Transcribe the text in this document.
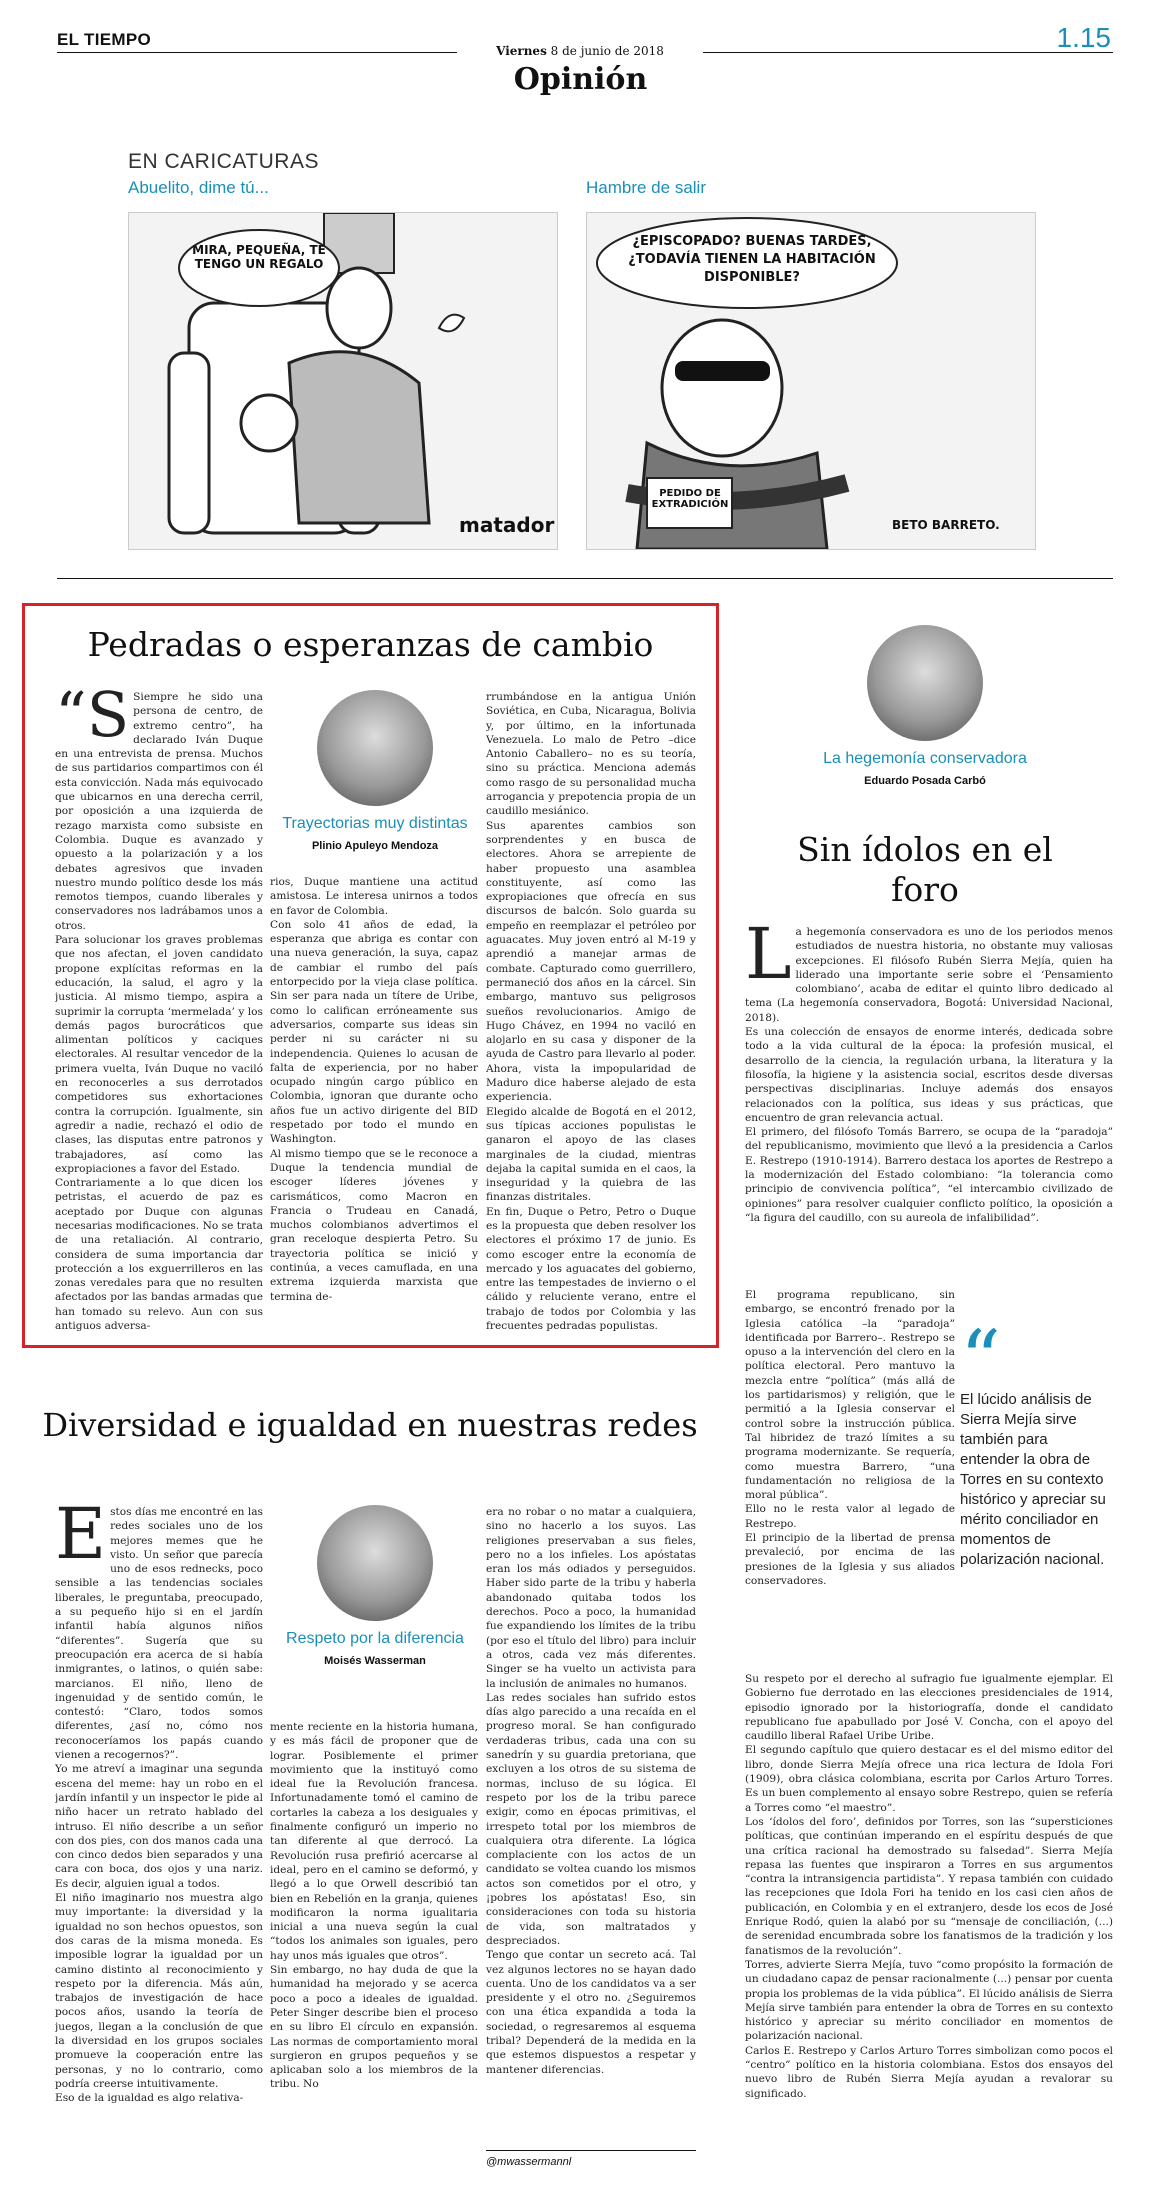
EL TIEMPO
Viernes 8 de junio de 2018	1.15
Opinión
EN CARICATURAS
Abuelito, dime tú...	Hambre de salir
MIRA, PEQUEÑA, TE TENGO UN REGALO
matador
¿EPISCOPADO? BUENAS TARDES, ¿TODAVÍA TIENEN LA HABITACIÓN DISPONIBLE?
PEDIDO DE EXTRADICIÓN
BETO BARRETO.
Pedradas o esperanzas de cambio
“S Siempre he sido una persona de centro, de extremo centro”, ha declarado Iván Duque en una entrevista de prensa. Muchos de sus partidarios compartimos con él esta convicción. Nada más equivocado que ubicarnos en una derecha cerril, por oposición a una izquierda de rezago marxista como subsiste en Colombia. Duque es avanzado y opuesto a la polarización y a los debates agresivos que invaden nuestro mundo político desde los más remotos tiempos, cuando liberales y conservadores nos ladrábamos unos a otros.
Para solucionar los graves problemas que nos afectan, el joven candidato propone explícitas reformas en la educación, la salud, el agro y la justicia. Al mismo tiempo, aspira a suprimir la corrupta ‘mermelada’ y los demás pagos burocráticos que alimentan políticos y caciques electorales. Al resultar vencedor de la primera vuelta, Iván Duque no vaciló en reconocerles a sus derrotados competidores sus exhortaciones contra la corrupción. Igualmente, sin agredir a nadie, rechazó el odio de clases, las disputas entre patronos y trabajadores, así como las expropiaciones a favor del Estado.
Contrariamente a lo que dicen los petristas, el acuerdo de paz es aceptado por Duque con algunas necesarias modificaciones. No se trata de una retaliación. Al contrario, considera de suma importancia dar protección a los exguerrilleros en las zonas veredales para que no resulten afectados por las bandas armadas que han tomado su relevo. Aun con sus antiguos adversa-

Trayectorias muy distintas
Plinio Apuleyo Mendoza

rios, Duque mantiene una actitud amistosa. Le interesa unirnos a todos en favor de Colombia.
Con solo 41 años de edad, la esperanza que abriga es contar con una nueva generación, la suya, capaz de cambiar el rumbo del país entorpecido por la vieja clase política. Sin ser para nada un títere de Uribe, como lo califican erróneamente sus adversarios, comparte sus ideas sin perder ni su carácter ni su independencia. Quienes lo acusan de falta de experiencia, por no haber ocupado ningún cargo público en Colombia, ignoran que durante ocho años fue un activo dirigente del BID respetado por todo el mundo en Washington.
Al mismo tiempo que se le reconoce a Duque la tendencia mundial de escoger líderes jóvenes y carismáticos, como Macron en Francia o Trudeau en Canadá, muchos colombianos advertimos el gran receloque despierta Petro. Su trayectoria política se inició y continúa, a veces camuflada, en una extrema izquierda marxista que termina de-

rrumbándose en la antigua Unión Soviética, en Cuba, Nicaragua, Bolivia y, por último, en la infortunada Venezuela. Lo malo de Petro –dice Antonio Caballero– no es su teoría, sino su práctica. Menciona además como rasgo de su personalidad mucha arrogancia y prepotencia propia de un caudillo mesiánico.
Sus aparentes cambios son sorprendentes y en busca de electores. Ahora se arrepiente de haber propuesto una asamblea constituyente, así como las expropiaciones que ofrecía en sus discursos de balcón. Solo guarda su empeño en reemplazar el petróleo por aguacates. Muy joven entró al M-19 y aprendió a manejar armas de combate. Capturado como guerrillero, permaneció dos años en la cárcel. Sin embargo, mantuvo sus peligrosos sueños revolucionarios. Amigo de Hugo Chávez, en 1994 no vaciló en alojarlo en su casa y disponer de la ayuda de Castro para llevarlo al poder. Ahora, vista la impopularidad de Maduro dice haberse alejado de esta experiencia.
Elegido alcalde de Bogotá en el 2012, sus típicas acciones populistas le ganaron el apoyo de las clases marginales de la ciudad, mientras dejaba la capital sumida en el caos, la inseguridad y la quiebra de las finanzas distritales.
En fin, Duque o Petro, Petro o Duque es la propuesta que deben resolver los electores el próximo 17 de junio. Es como escoger entre la economía de mercado y los aguacates del gobierno, entre las tempestades de invierno o el cálido y relucientе verano, entre el trabajo de todos por Colombia y las frecuentes pedradas populistas.

Diversidad e igualdad en nuestras redes
E stos días me encontré en las redes sociales uno de los mejores memes que he visto. Un señor que parecía uno de esos rednecks, poco sensible a las tendencias sociales liberales, le preguntaba, preocupado, a su pequeño hijo si en el jardín infantil había algunos niños “diferentes”. Sugería que su preocupación era acerca de si había inmigrantes, o latinos, o quién sabe: marcianos. El niño, lleno de ingenuidad y de sentido común, le contestó: “Claro, todos somos diferentes, ¿así no, cómo nos reconoceríamos los papás cuando vienen a recogernos?”.
Yo me atreví a imaginar una segunda escena del meme: hay un robo en el jardín infantil y un inspector le pide al niño hacer un retrato hablado del intruso. El niño describe a un señor con dos pies, con dos manos cada una con cinco dedos bien separados y una cara con boca, dos ojos y una nariz. Es decir, alguien igual a todos.
El niño imaginario nos muestra algo muy importante: la diversidad y la igualdad no son hechos opuestos, son dos caras de la misma moneda. Es imposible lograr la igualdad por un camino distinto al reconocimiento y respeto por la diferencia. Más aún, trabajos de investigación de hace pocos años, usando la teoría de juegos, llegan a la conclusión de que la diversidad en los grupos sociales promueve la cooperación entre las personas, y no lo contrario, como podría creerse intuitivamente.
Eso de la igualdad es algo relativa-

Respeto por la diferencia
Moisés Wasserman

mente reciente en la historia humana, y es más fácil de proponer que de lograr. Posiblemente el primer movimiento que la instituyó como ideal fue la Revolución francesa. Infortunadamente tomó el camino de cortarles la cabeza a los desiguales y finalmente configuró un imperio no tan diferente al que derrocó. La Revolución rusa prefirió acercarse al ideal, pero en el camino se deformó, y llegó a lo que Orwell describió tan bien en Rebelión en la granja, quienes modificaron la norma igualitaria inicial a una nueva según la cual “todos los animales son iguales, pero hay unos más iguales que otros”.
Sin embargo, no hay duda de que la humanidad ha mejorado y se acerca poco a poco a ideales de igualdad. Peter Singer describe bien el proceso en su libro El círculo en expansión. Las normas de comportamiento moral surgieron en grupos pequeños y se aplicaban solo a los miembros de la tribu. No

era no robar o no matar a cualquiera, sino no hacerlo a los suyos. Las religiones preservaban a sus fieles, pero no a los infieles. Los apóstatas eran los más odiados y perseguidos. Haber sido parte de la tribu y haberla abandonado quitaba todos los derechos. Poco a poco, la humanidad fue expandiendo los límites de la tribu (por eso el título del libro) para incluir a otros, cada vez más diferentes. Singer se ha vuelto un activista para la inclusión de animales no humanos.
Las redes sociales han sufrido estos días algo parecido a una recaída en el progreso moral. Se han configurado verdaderas tribus, cada una con su sanedrín y su guardia pretoriana, que excluyen a los otros de su sistema de normas, incluso de su lógica. El respeto por los de la tribu parece exigir, como en épocas primitivas, el irrespeto total por los miembros de cualquiera otra diferente. La lógica complaciente con los actos de un candidato se voltea cuando los mismos actos son cometidos por el otro, y ¡pobres los apóstatas! Eso, sin consideraciones con toda su historia de vida, son maltratados y despreciados.
Tengo que contar un secreto acá. Tal vez algunos lectores no se hayan dado cuenta. Uno de los candidatos va a ser presidente y el otro no. ¿Seguiremos con una ética expandida a toda la sociedad, o regresaremos al esquema tribal? Dependerá de la medida en la que estemos dispuestos a respetar y mantener diferencias.

@mwassermannl
La hegemonía conservadora
Eduardo Posada Carbó
Sin ídolos en el foro
L a hegemonía conservadora es uno de los periodos menos estudiados de nuestra historia, no obstante muy valiosas excepciones. El filósofo Rubén Sierra Mejía, quien ha liderado una importante serie sobre el ‘Pensamiento colombiano’, acaba de editar el quinto libro dedicado al tema (La hegemonía conservadora, Bogotá: Universidad Nacional, 2018).
Es una colección de ensayos de enorme interés, dedicada sobre todo a la vida cultural de la época: la profesión musical, el desarrollo de la ciencia, la regulación urbana, la literatura y la filosofía, la higiene y la asistencia social, escritos desde diversas perspectivas disciplinarias. Incluye además dos ensayos relacionados con la política, sus ideas y sus prácticas, que encuentro de gran relevancia actual.
El primero, del filósofo Tomás Barrero, se ocupa de la “paradoja” del republicanismo, movimiento que llevó a la presidencia a Carlos E. Restrepo (1910-1914). Barrero destaca los aportes de Restrepo a la modernización del Estado colombiano: “la tolerancia como principio de convivencia política”, “el intercambio civilizado de opiniones” para resolver cualquier conflicto político, la oposición a “la figura del caudillo, con su aureola de infalibilidad”.

El programa republicano, sin embargo, se encontró frenado por la Iglesia católica –la “paradoja” identificada por Barrero–. Restrepo se opuso a la intervención del clero en la política electoral. Pero mantuvo la mezcla entre “política” (más allá de los partidarismos) y religión, que le permitió a la Iglesia conservar el control sobre la instrucción pública. Tal hibridez de trazó límites a su programa modernizante. Se requería, como muestra Barrero, “una fundamentación no religiosa de la moral pública”.
Ello no le resta valor al legado de Restrepo.
El principio de la libertad de prensa prevaleció, por encima de las presiones de la Iglesia y sus aliados conservadores.

“
El lúcido análisis de Sierra Mejía sirve también para entender la obra de Torres en su contexto histórico y apreciar su mérito conciliador en momentos de polarización nacional.

Su respeto por el derecho al sufragio fue igualmente ejemplar. El Gobierno fue derrotado en las elecciones presidenciales de 1914, episodio ignorado por la historiografía, donde el candidato republicano fue apabullado por José V. Concha, con el apoyo del caudillo liberal Rafael Uribe Uribe.
El segundo capítulo que quiero destacar es el del mismo editor del libro, donde Sierra Mejía ofrece una rica lectura de Idola Fori (1909), obra clásica colombiana, escrita por Carlos Arturo Torres. Es un buen complemento al ensayo sobre Restrepo, quien se refería a Torres como “el maestro”.
Los ‘ídolos del foro’, definidos por Torres, son las “supersticiones políticas, que continúan imperando en el espíritu después de que una crítica racional ha demostrado su falsedad”. Sierra Mejía repasa las fuentes que inspiraron a Torres en sus argumentos “contra la intransigencia partidista”. Y repasa también con cuidado las recepciones que Idola Fori ha tenido en los casi cien años de publicación, en Colombia y en el extranjero, desde los ecos de José Enrique Rodó, quien la alabó por su “mensaje de conciliación, (...) de serenidad encumbrada sobre los fanatismos de la tradición y los fanatismos de la revolución”.
Torres, advierte Sierra Mejía, tuvo “como propósito la formación de un ciudadano capaz de pensar racionalmente (...) pensar por cuenta propia los problemas de la vida pública”. El lúcido análisis de Sierra Mejía sirve también para entender la obra de Torres en su contexto histórico y apreciar su mérito conciliador en momentos de polarización nacional.
Carlos E. Restrepo y Carlos Arturo Torres simbolizan como pocos el “centro” político en la historia colombiana. Estos dos ensayos del nuevo libro de Rubén Sierra Mejía ayudan a revalorar su significado.
